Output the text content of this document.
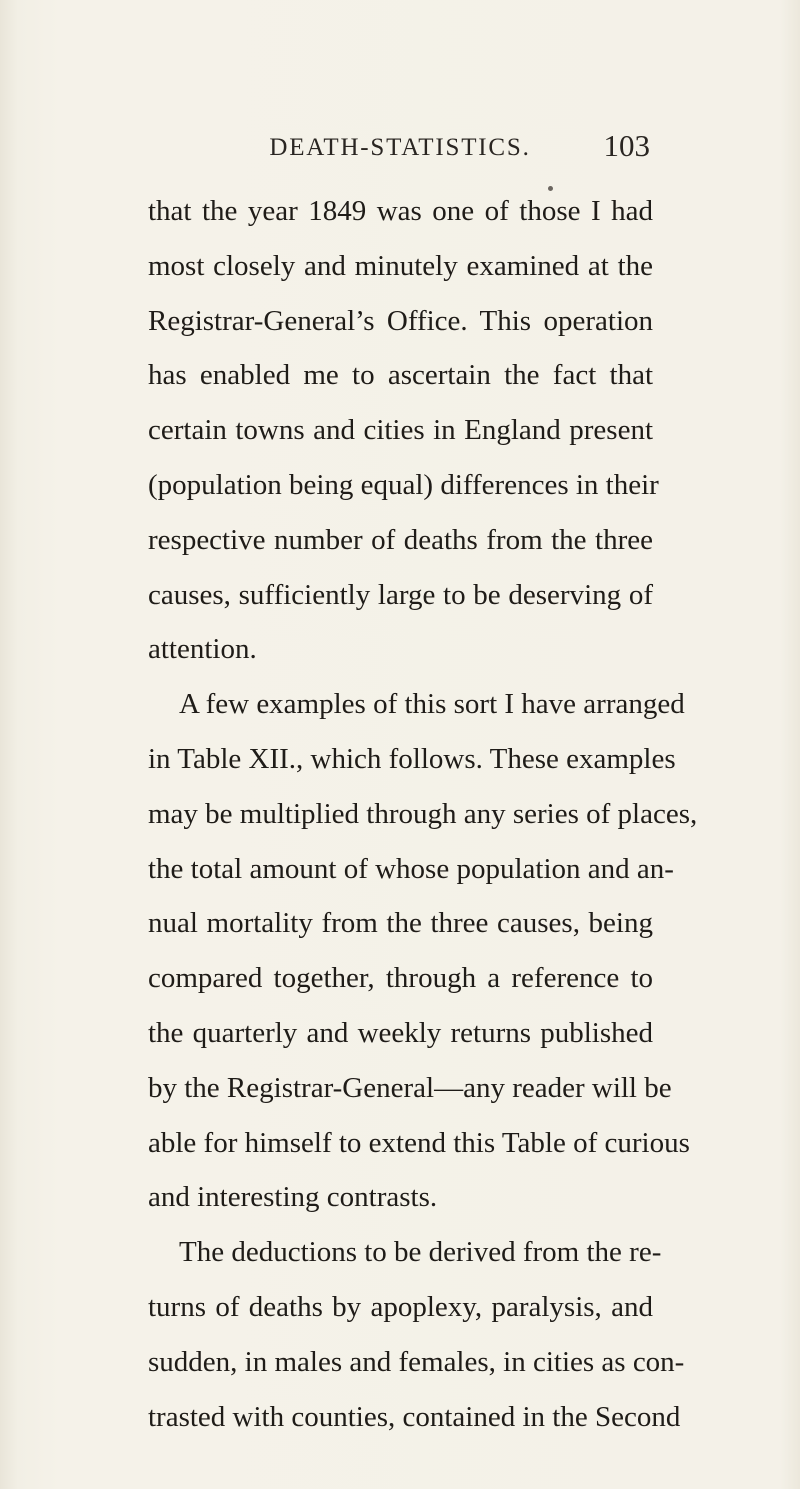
DEATH-STATISTICS.	103
that the year 1849 was one of those I had
most closely and minutely examined at the
Registrar-General’s Office. This operation
has enabled me to ascertain the fact that
certain towns and cities in England present
(population being equal) differences in their
respective number of deaths from the three
causes, sufficiently large to be deserving of
attention.
A few examples of this sort I have arranged
in Table XII., which follows. These examples
may be multiplied through any series of places,
the total amount of whose population and an-
nual mortality from the three causes, being
compared together, through a reference to
the quarterly and weekly returns published
by the Registrar-General—any reader will be
able for himself to extend this Table of curious
and interesting contrasts.
The deductions to be derived from the re-
turns of deaths by apoplexy, paralysis, and
sudden, in males and females, in cities as con-
trasted with counties, contained in the Second
